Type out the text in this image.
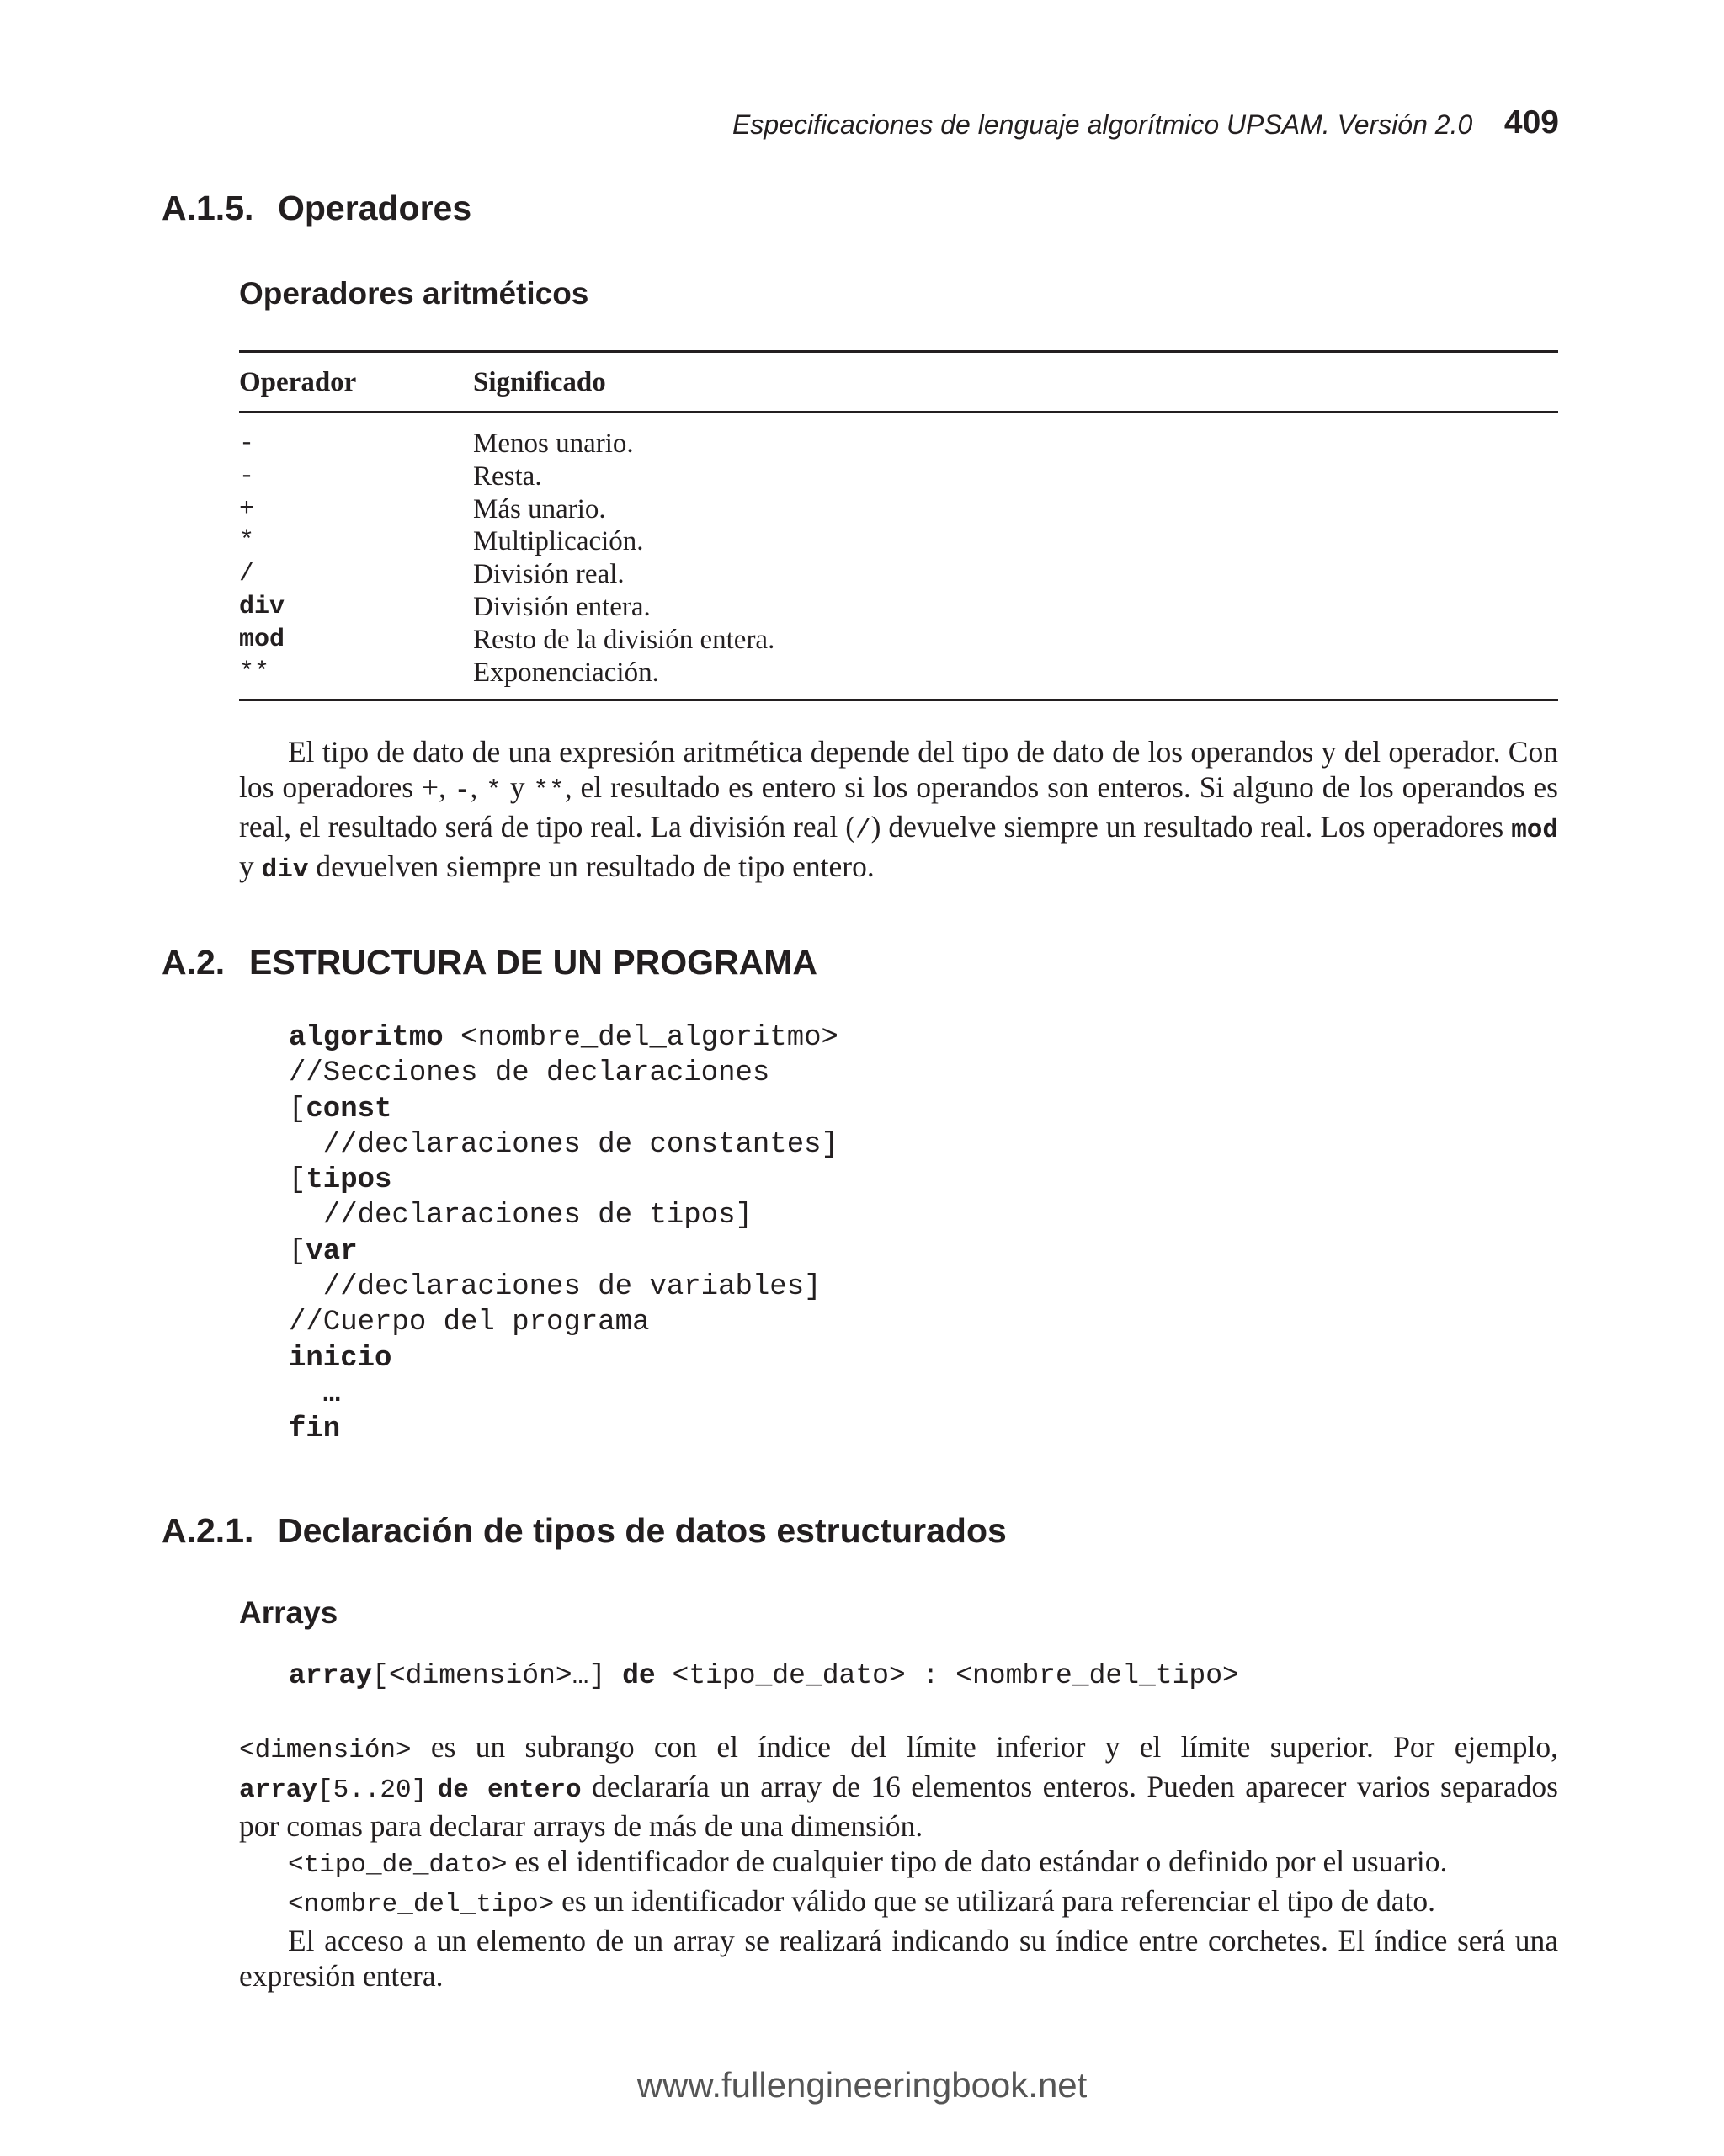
Especificaciones de lenguaje algorítmico UPSAM. Versión 2.0 409
A.1.5. Operadores
Operadores aritméticos
Operador	Significado
-	Menos unario.
-	Resta.
+	Más unario.
*	Multiplicación.
/	División real.
div	División entera.
mod	Resto de la división entera.
**	Exponenciación.

El tipo de dato de una expresión aritmética depende del tipo de dato de los operandos y del operador. Con los operadores +, -, * y **, el resultado es entero si los operandos son enteros. Si alguno de los operandos es real, el resultado será de tipo real. La división real (/) devuelve siempre un resultado real. Los operadores mod y div devuelven siempre un resultado de tipo entero.

A.2. ESTRUCTURA DE UN PROGRAMA
algoritmo <nombre_del_algoritmo>
//Secciones de declaraciones
[const
//declaraciones de constantes]
[tipos
//declaraciones de tipos]
[var
//declaraciones de variables]
//Cuerpo del programa
inicio
…
fin
A.2.1. Declaración de tipos de datos estructurados
Arrays
array[<dimensión>…] de <tipo_de_dato> : <nombre_del_tipo>

<dimensión> es un subrango con el índice del límite inferior y el límite superior. Por ejemplo, array[5..20] de entero declararía un array de 16 elementos enteros. Pueden aparecer varios separados por comas para declarar arrays de más de una dimensión.

<tipo_de_dato> es el identificador de cualquier tipo de dato estándar o definido por el usuario.

<nombre_del_tipo> es un identificador válido que se utilizará para referenciar el tipo de dato.

El acceso a un elemento de un array se realizará indicando su índice entre corchetes. El índice será una expresión entera.

www.fullengineeringbook.net
